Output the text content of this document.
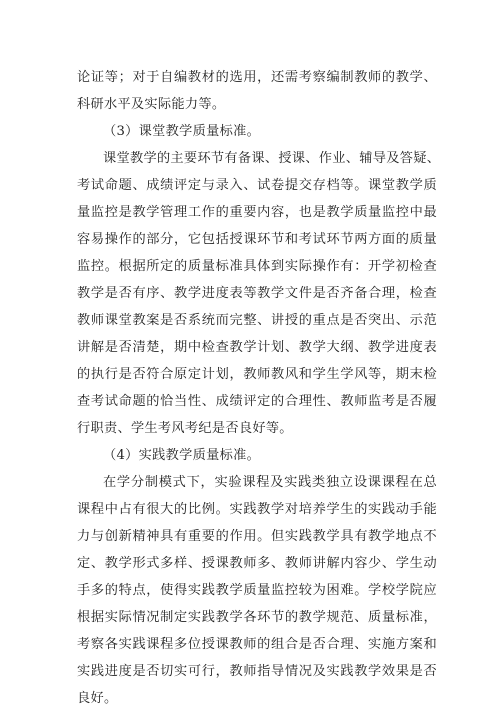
论证等；对于自编教材的选用，还需考察编制教师的教学、
科研水平及实际能力等。
（3）课堂教学质量标准。
课堂教学的主要环节有备课、授课、作业、辅导及答疑、
考试命题、成绩评定与录入、试卷提交存档等。课堂教学质
量监控是教学管理工作的重要内容，也是教学质量监控中最
容易操作的部分，它包括授课环节和考试环节两方面的质量
监控。根据所定的质量标准具体到实际操作有：开学初检查
教学是否有序、教学进度表等教学文件是否齐备合理，检查
教师课堂教案是否系统而完整、讲授的重点是否突出、示范
讲解是否清楚，期中检查教学计划、教学大纲、教学进度表
的执行是否符合原定计划，教师教风和学生学风等，期末检
查考试命题的恰当性、成绩评定的合理性、教师监考是否履
行职责、学生考风考纪是否良好等。
（4）实践教学质量标准。
在学分制模式下，实验课程及实践类独立设课课程在总
课程中占有很大的比例。实践教学对培养学生的实践动手能
力与创新精神具有重要的作用。但实践教学具有教学地点不
定、教学形式多样、授课教师多、教师讲解内容少、学生动
手多的特点，使得实践教学质量监控较为困难。学校学院应
根据实际情况制定实践教学各环节的教学规范、质量标准，
考察各实践课程多位授课教师的组合是否合理、实施方案和
实践进度是否切实可行，教师指导情况及实践教学效果是否
良好。
